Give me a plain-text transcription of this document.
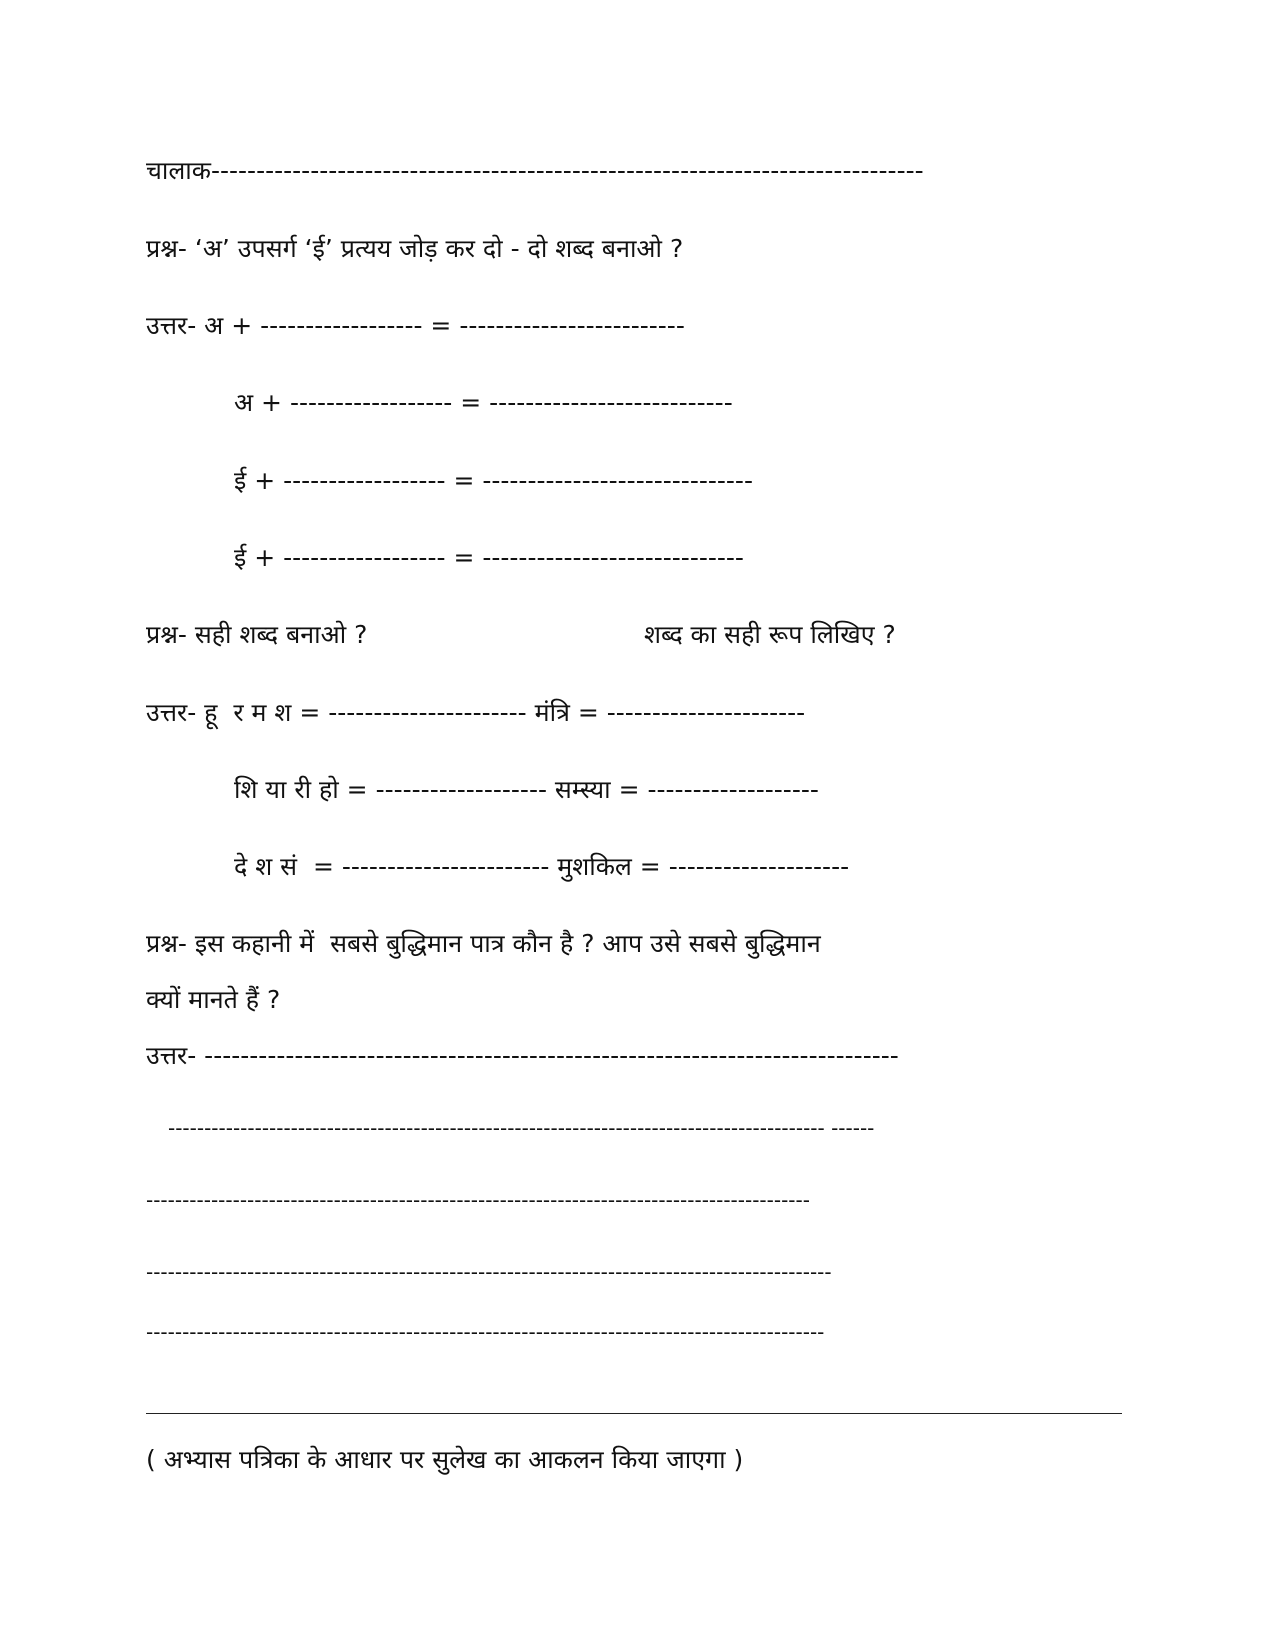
चालाक-------------------------------------------------------------------------------
प्रश्न- ‘अ’ उपसर्ग ‘ई’ प्रत्यय जोड़ कर दो - दो शब्द बनाओ ?
उत्तर- अ + ------------------ = -------------------------
अ + ------------------ = ---------------------------
ई + ------------------ = ------------------------------
ई + ------------------ = -----------------------------
प्रश्न- सही शब्द बनाओ ?	शब्द का सही रूप लिखिए ?
उत्तर- हू  र म श = ---------------------- मंत्रि = ----------------------
शि या री हो = ------------------- सम्स्या = -------------------
दे श सं  = ----------------------- मुशकिल = --------------------
प्रश्न- इस कहानी में  सबसे बुद्धिमान पात्र कौन है ? आप उसे सबसे बुद्धिमान
क्यों मानते हैं ?
उत्तर- -----------------------------------------------------------------------------
------------------------------------------------------------------------------------------- ------
--------------------------------------------------------------------------------------------
-----------------------------------------------------------------------------------------------
----------------------------------------------------------------------------------------------
( अभ्यास पत्रिका के आधार पर सुलेख का आकलन किया जाएगा )
